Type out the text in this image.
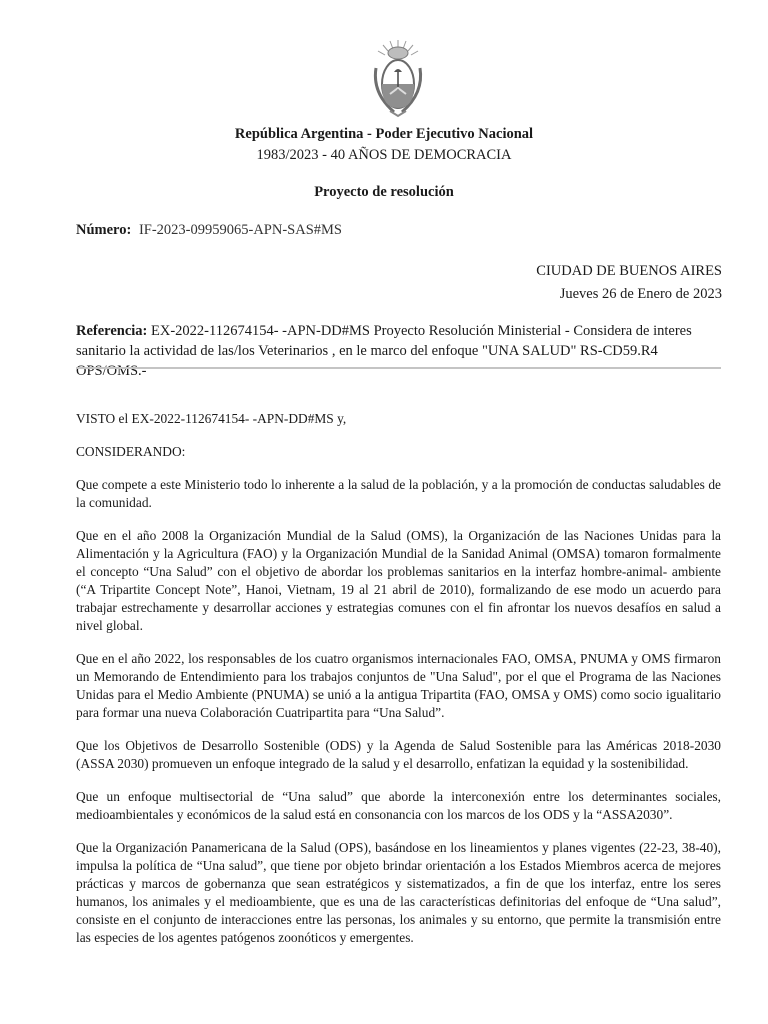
República Argentina - Poder Ejecutivo Nacional
1983/2023 - 40 AÑOS DE DEMOCRACIA
Proyecto de resolución
Número: IF-2023-09959065-APN-SAS#MS
CIUDAD DE BUENOS AIRES
Jueves 26 de Enero de 2023
Referencia: EX-2022-112674154- -APN-DD#MS Proyecto Resolución Ministerial - Considera de interes sanitario la actividad de las/los Veterinarios , en le marco del enfoque "UNA SALUD" RS-CD59.R4 OPS/OMS.-

VISTO el EX-2022-112674154- -APN-DD#MS y,

CONSIDERANDO:

Que compete a este Ministerio todo lo inherente a la salud de la población, y a la promoción de conductas saludables de la comunidad.

Que en el año 2008 la Organización Mundial de la Salud (OMS), la Organización de las Naciones Unidas para la Alimentación y la Agricultura (FAO) y la Organización Mundial de la Sanidad Animal (OMSA) tomaron formalmente el concepto “Una Salud” con el objetivo de abordar los problemas sanitarios en la interfaz hombre-animal- ambiente (“A Tripartite Concept Note”, Hanoi, Vietnam, 19 al 21 abril de 2010), formalizando de ese modo un acuerdo para trabajar estrechamente y desarrollar acciones y estrategias comunes con el fin afrontar los nuevos desafíos en salud a nivel global.

Que en el año 2022, los responsables de los cuatro organismos internacionales FAO, OMSA, PNUMA y OMS firmaron un Memorando de Entendimiento para los trabajos conjuntos de "Una Salud", por el que el Programa de las Naciones Unidas para el Medio Ambiente (PNUMA) se unió a la antigua Tripartita (FAO, OMSA y OMS) como socio igualitario para formar una nueva Colaboración Cuatripartita para “Una Salud”.

Que los Objetivos de Desarrollo Sostenible (ODS) y la Agenda de Salud Sostenible para las Américas 2018-2030 (ASSA 2030) promueven un enfoque integrado de la salud y el desarrollo, enfatizan la equidad y la sostenibilidad.

Que un enfoque multisectorial de “Una salud” que aborde la interconexión entre los determinantes sociales, medioambientales y económicos de la salud está en consonancia con los marcos de los ODS y la “ASSA2030”.

Que la Organización Panamericana de la Salud (OPS), basándose en los lineamientos y planes vigentes (22-23, 38-40), impulsa la política de “Una salud”, que tiene por objeto brindar orientación a los Estados Miembros acerca de mejores prácticas y marcos de gobernanza que sean estratégicos y sistematizados, a fin de que los interfaz, entre los seres humanos, los animales y el medioambiente, que es una de las características definitorias del enfoque de “Una salud”, consiste en el conjunto de interacciones entre las personas, los animales y su entorno, que permite la transmisión entre las especies de los agentes patógenos zoonóticos y emergentes.
